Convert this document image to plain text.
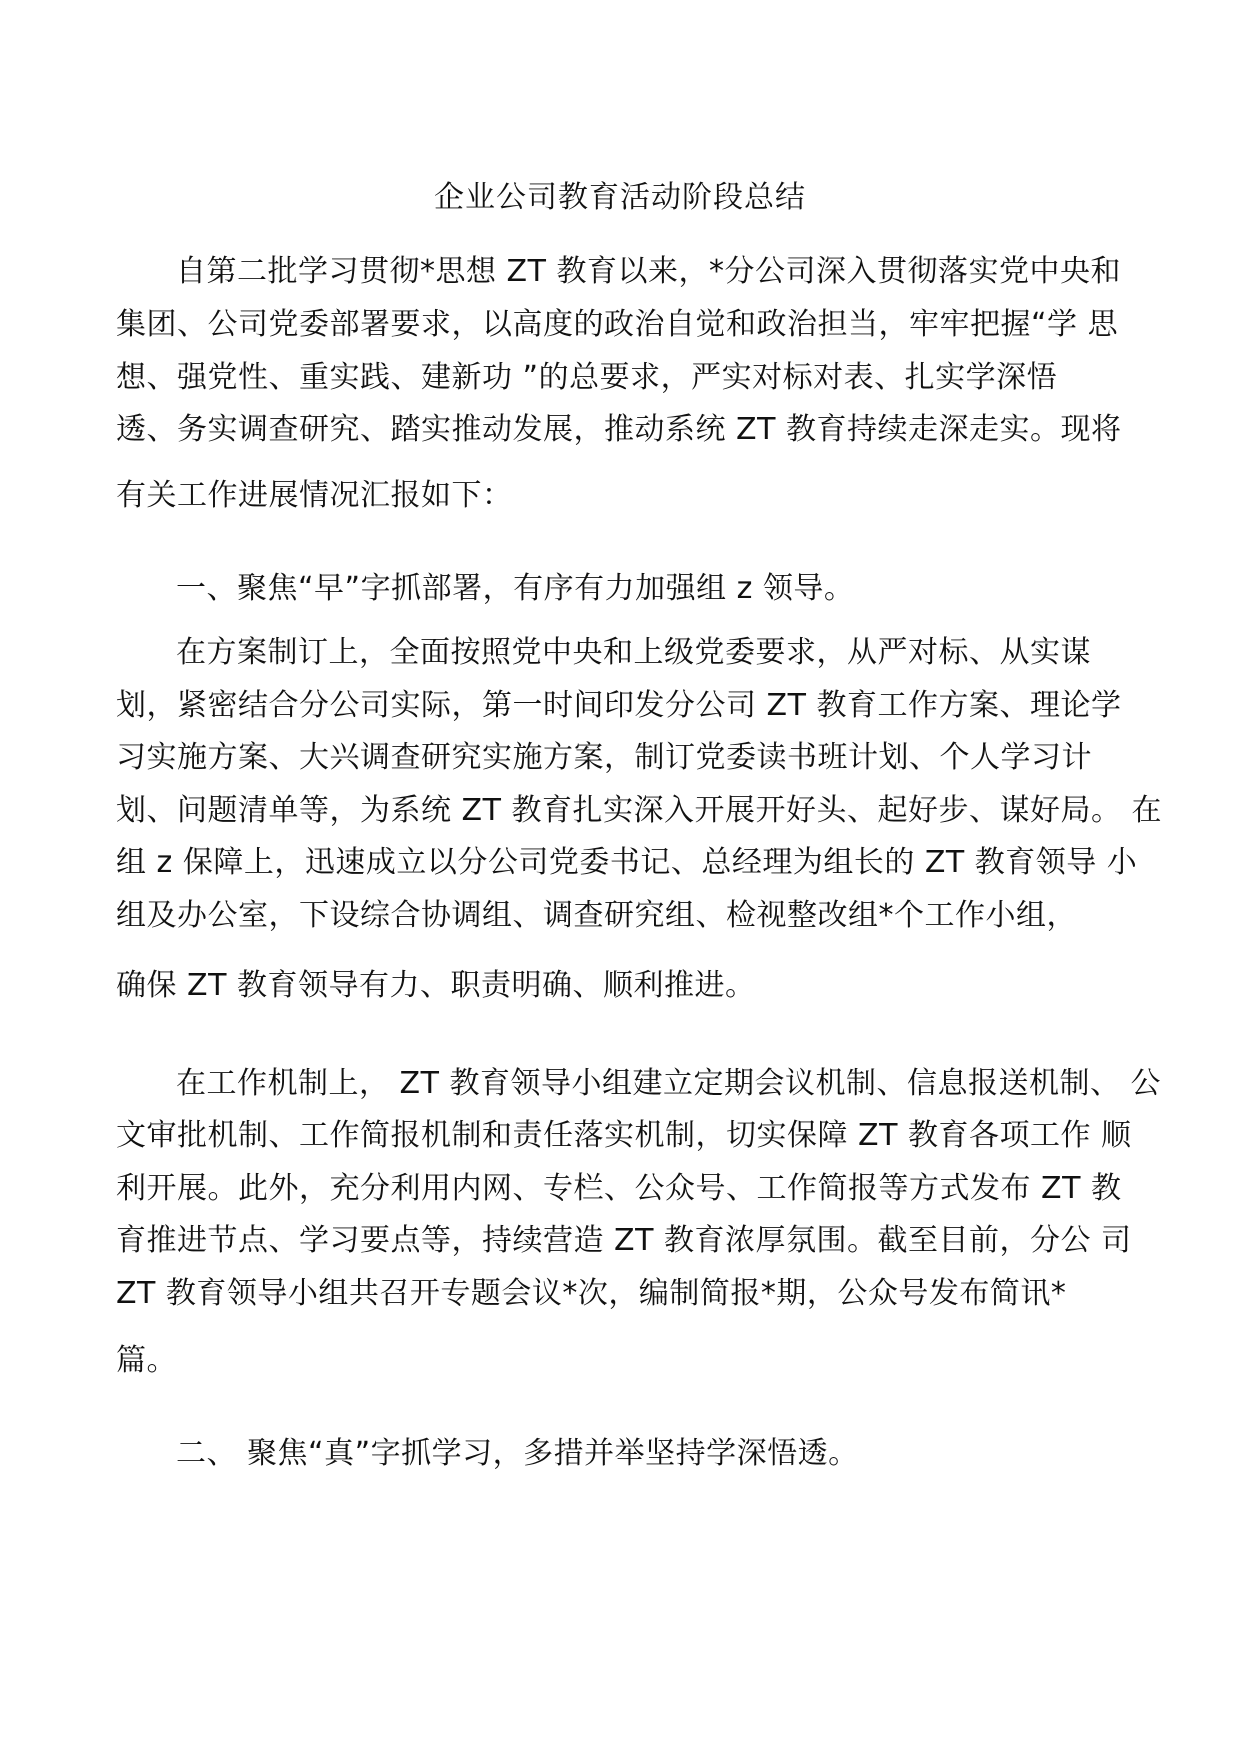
企业公司教育活动阶段总结
自第二批学习贯彻*思想 ZT 教育以来，*分公司深入贯彻落实党中央和
集团、公司党委部署要求，以高度的政治自觉和政治担当，牢牢把握“学 思
想、强党性、重实践、建新功 ”的总要求，严实对标对表、扎实学深悟
透、务实调查研究、踏实推动发展，推动系统 ZT 教育持续走深走实。现将
有关工作进展情况汇报如下：
一、聚焦“早”字抓部署，有序有力加强组 z 领导。
在方案制订上，全面按照党中央和上级党委要求，从严对标、从实谋
划，紧密结合分公司实际，第一时间印发分公司 ZT 教育工作方案、理论学
习实施方案、大兴调查研究实施方案，制订党委读书班计划、个人学习计
划、问题清单等，为系统 ZT 教育扎实深入开展开好头、起好步、谋好局。 在
组 z 保障上，迅速成立以分公司党委书记、总经理为组长的 ZT 教育领导 小
组及办公室，下设综合协调组、调查研究组、检视整改组*个工作小组，
确保 ZT 教育领导有力、职责明确、顺利推进。
在工作机制上， ZT 教育领导小组建立定期会议机制、信息报送机制、 公
文审批机制、工作简报机制和责任落实机制，切实保障 ZT 教育各项工作 顺
利开展。此外，充分利用内网、专栏、公众号、工作简报等方式发布 ZT 教
育推进节点、学习要点等，持续营造 ZT 教育浓厚氛围。截至目前，分公 司
ZT 教育领导小组共召开专题会议*次，编制简报*期，公众号发布简讯*
篇。
二、 聚焦“真”字抓学习，多措并举坚持学深悟透。
